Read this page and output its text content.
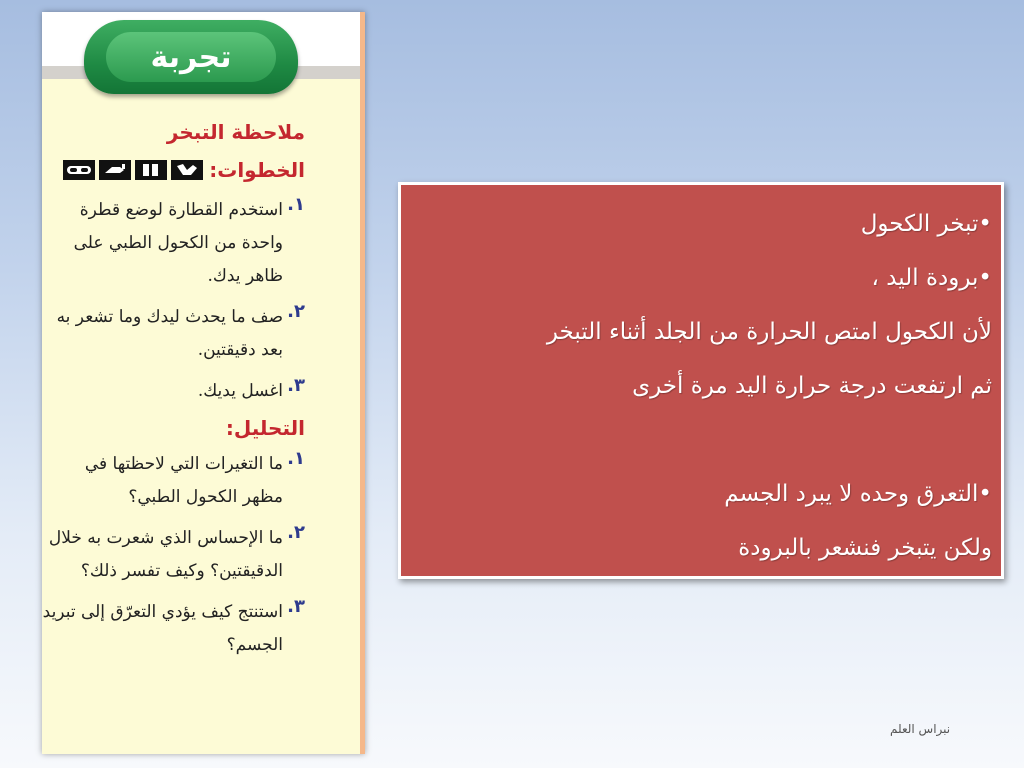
تجربة
ملاحظة التبخر
الخطوات:
١.
استخدم القطارة لوضع قطرة واحدة من الكحول الطبي على ظاهر يدك.
٢.
صف ما يحدث ليدك وما تشعر به بعد دقيقتين.
٣.
اغسل يديك.
التحليل:
١.
ما التغيرات التي لاحظتها في مظهر الكحول الطبي؟
٢.
ما الإحساس الذي شعرت به خلال الدقيقتين؟ وكيف تفسر ذلك؟
٣.
استنتج كيف يؤدي التعرّق إلى تبريد الجسم؟
•تبخر الكحول
•برودة اليد ،
لأن الكحول امتص الحرارة من الجلد أثناء التبخر
ثم ارتفعت درجة حرارة اليد مرة أخرى
•التعرق وحده لا يبرد الجسم
ولكن يتبخر فنشعر بالبرودة
نبراس العلم
